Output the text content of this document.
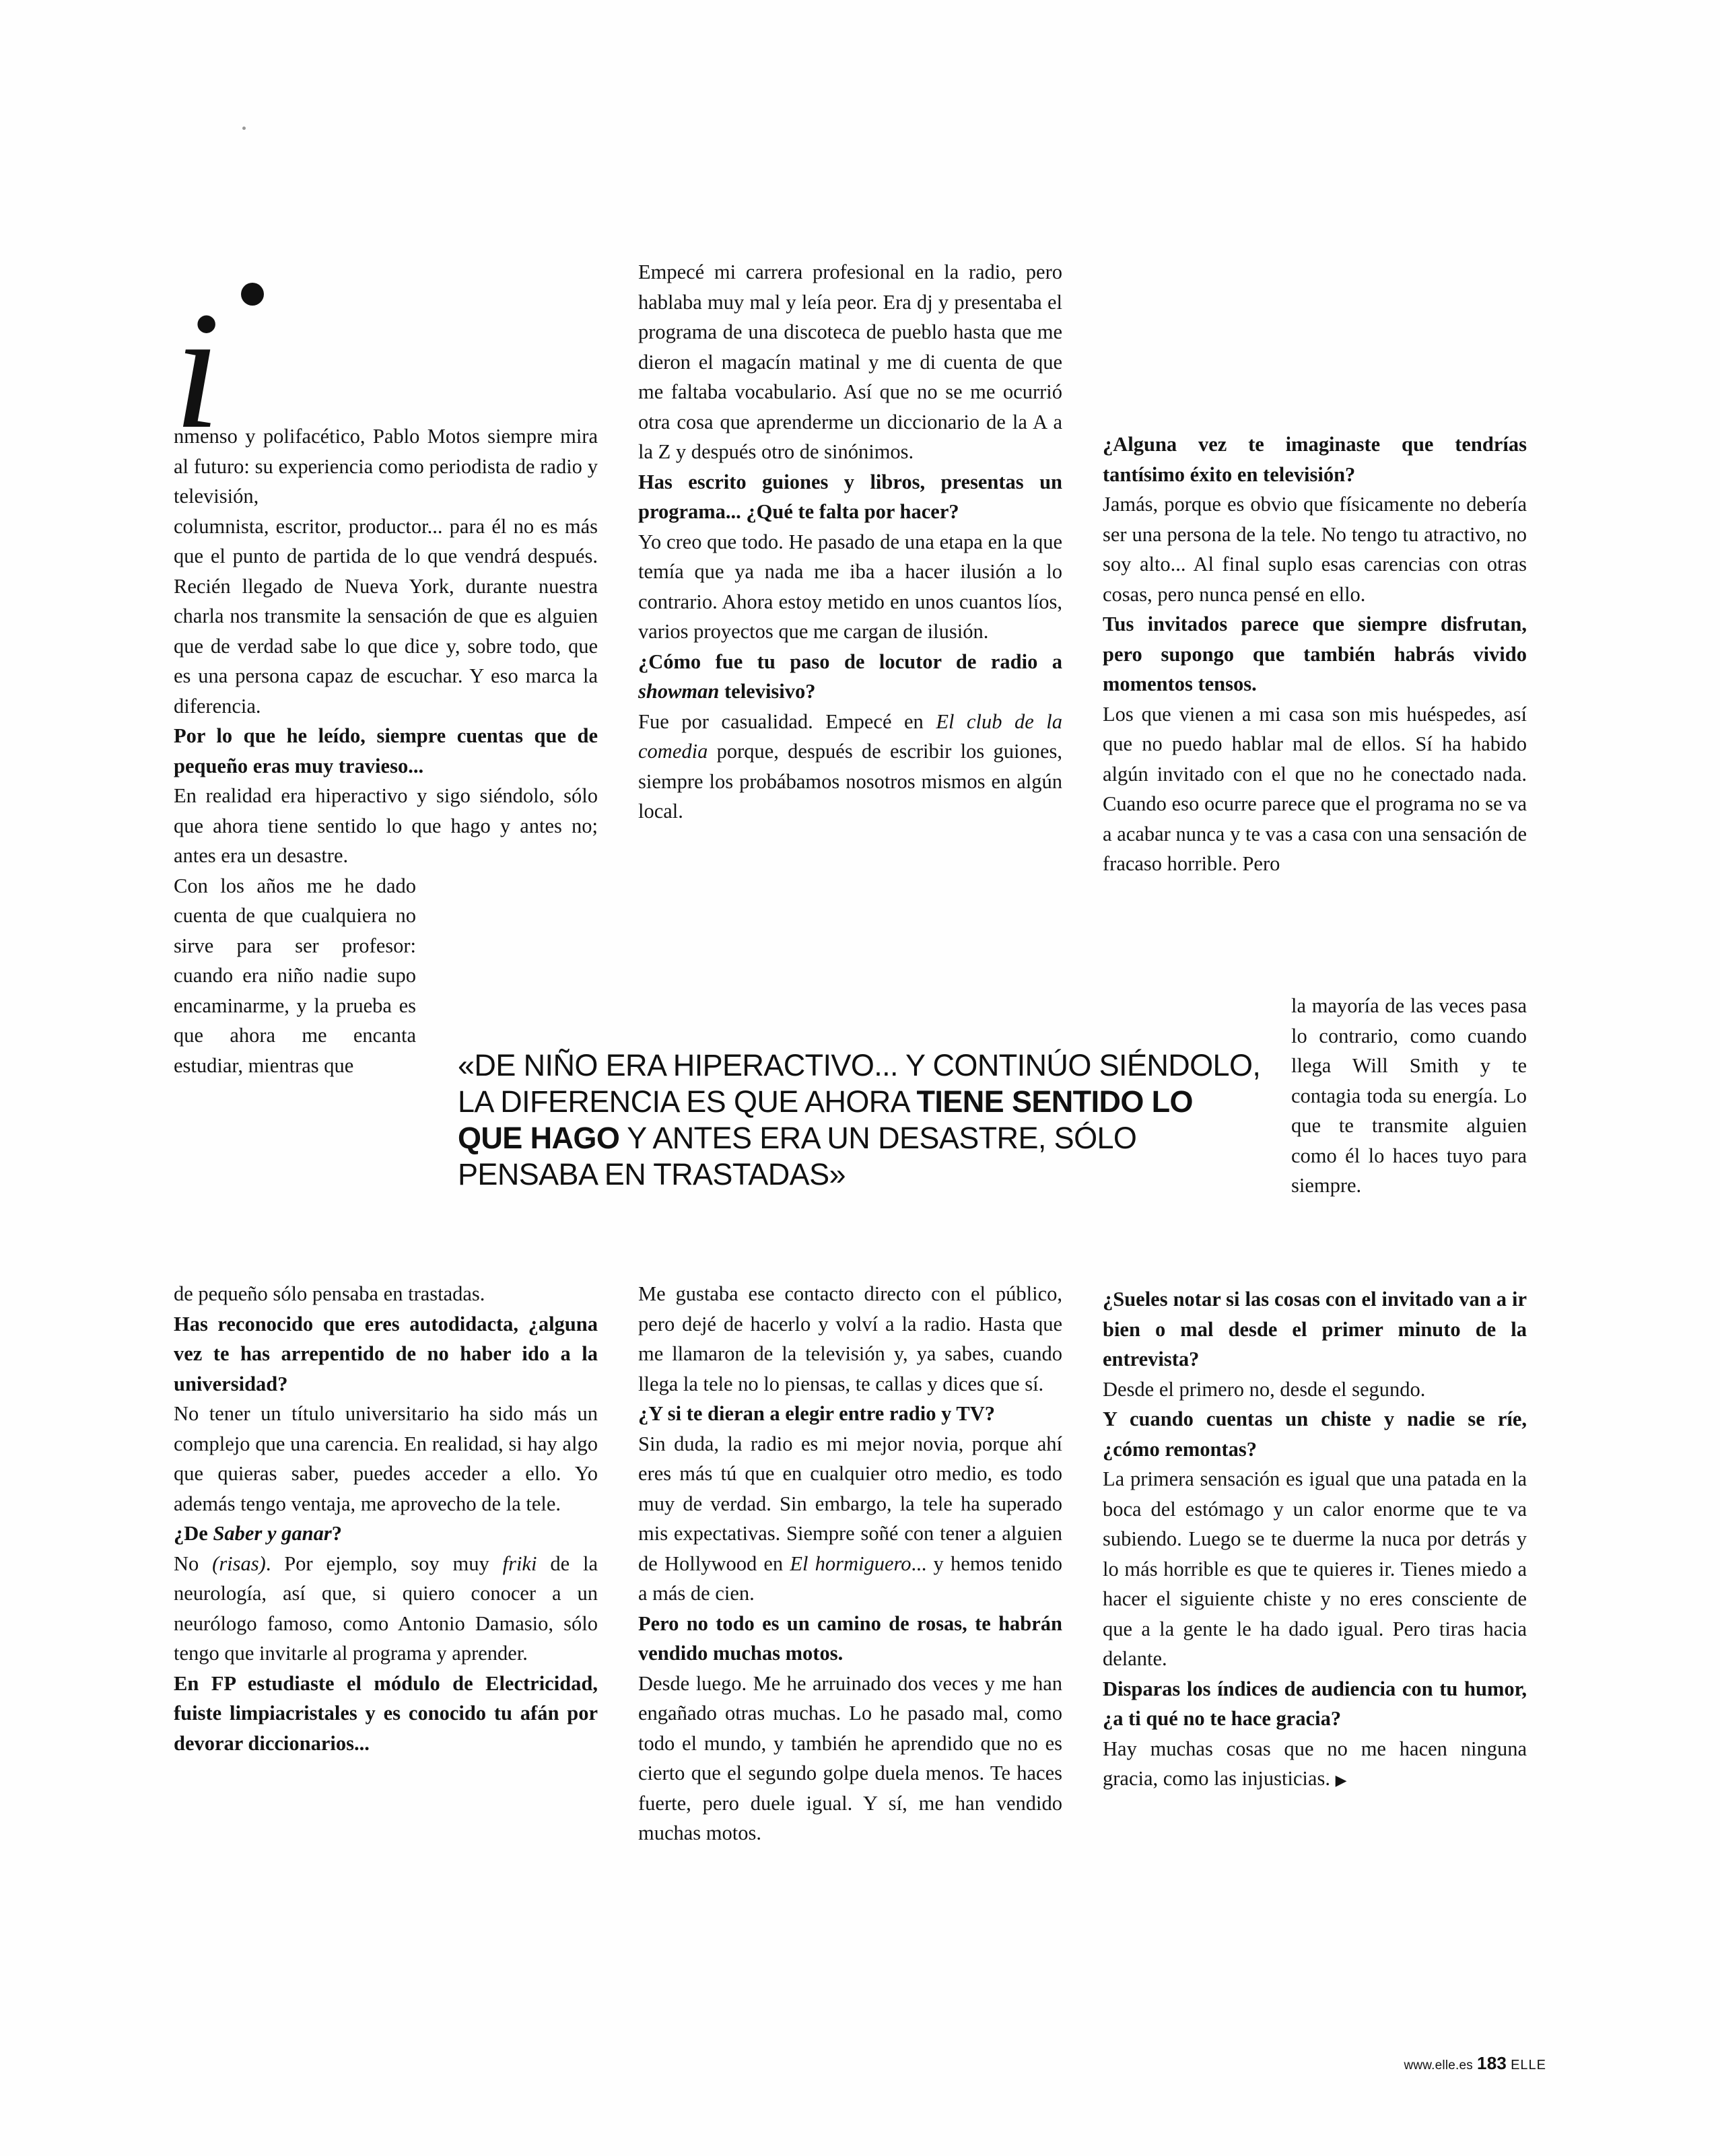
i

nmenso y polifacético, Pablo Motos siempre mira al futuro: su experiencia como periodista de radio y televisión,

columnista, escritor, productor... para él no es más que el punto de partida de lo que vendrá después. Recién llegado de Nueva York, durante nuestra charla nos transmite la sensación de que es alguien que de verdad sabe lo que dice y, sobre todo, que es una persona capaz de escuchar. Y eso marca la diferencia.

Por lo que he leído, siempre cuentas que de pequeño eras muy travieso...

En realidad era hiperactivo y sigo siéndolo, sólo que ahora tiene sentido lo que hago y antes no; antes era un desastre.

Con los años me he dado cuenta de que cualquiera no sirve para ser profesor: cuando era niño nadie supo encaminarme, y la prueba es que ahora me encanta estudiar, mientras que

de pequeño sólo pensaba en trastadas.

Has reconocido que eres autodidacta, ¿alguna vez te has arrepentido de no haber ido a la universidad?

No tener un título universitario ha sido más un complejo que una carencia. En realidad, si hay algo que quieras saber, puedes acceder a ello. Yo además tengo ventaja, me aprovecho de la tele.

¿De Saber y ganar?

No (risas). Por ejemplo, soy muy friki de la neurología, así que, si quiero conocer a un neurólogo famoso, como Antonio Damasio, sólo tengo que invitarle al programa y aprender.

En FP estudiaste el módulo de Electricidad, fuiste limpiacristales y es conocido tu afán por devorar diccionarios...

Empecé mi carrera profesional en la radio, pero hablaba muy mal y leía peor. Era dj y presentaba el programa de una discoteca de pueblo hasta que me dieron el magacín matinal y me di cuenta de que me faltaba vocabulario. Así que no se me ocurrió otra cosa que aprenderme un diccionario de la A a la Z y después otro de sinónimos.

Has escrito guiones y libros, presentas un programa... ¿Qué te falta por hacer?

Yo creo que todo. He pasado de una etapa en la que temía que ya nada me iba a hacer ilusión a lo contrario. Ahora estoy metido en unos cuantos líos, varios proyectos que me cargan de ilusión.

¿Cómo fue tu paso de locutor de radio a showman televisivo?

Fue por casualidad. Empecé en El club de la comedia porque, después de escribir los guiones, siempre los probábamos nosotros mismos en algún local.

Me gustaba ese contacto directo con el público, pero dejé de hacerlo y volví a la radio. Hasta que me llamaron de la televisión y, ya sabes, cuando llega la tele no lo piensas, te callas y dices que sí.

¿Y si te dieran a elegir entre radio y TV?

Sin duda, la radio es mi mejor novia, porque ahí eres más tú que en cualquier otro medio, es todo muy de verdad. Sin embargo, la tele ha superado mis expectativas. Siempre soñé con tener a alguien de Hollywood en El hormiguero... y hemos tenido a más de cien.

Pero no todo es un camino de rosas, te habrán vendido muchas motos.

Desde luego. Me he arruinado dos veces y me han engañado otras muchas. Lo he pasado mal, como todo el mundo, y también he aprendido que no es cierto que el segundo golpe duela menos. Te haces fuerte, pero duele igual. Y sí, me han vendido muchas motos.

¿Alguna vez te imaginaste que tendrías tantísimo éxito en televisión?

Jamás, porque es obvio que físicamente no debería ser una persona de la tele. No tengo tu atractivo, no soy alto... Al final suplo esas carencias con otras cosas, pero nunca pensé en ello.

Tus invitados parece que siempre disfrutan, pero supongo que también habrás vivido momentos tensos.

Los que vienen a mi casa son mis huéspedes, así que no puedo hablar mal de ellos. Sí ha habido algún invitado con el que no he conectado nada. Cuando eso ocurre parece que el programa no se va a acabar nunca y te vas a casa con una sensación de fracaso horrible. Pero

la mayoría de las veces pasa lo contrario, como cuando llega Will Smith y te contagia toda su energía. Lo que te transmite alguien como él lo haces tuyo para siempre.

¿Sueles notar si las cosas con el invitado van a ir bien o mal desde el primer minuto de la entrevista?

Desde el primero no, desde el segundo.

Y cuando cuentas un chiste y nadie se ríe, ¿cómo remontas?

La primera sensación es igual que una patada en la boca del estómago y un calor enorme que te va subiendo. Luego se te duerme la nuca por detrás y lo más horrible es que te quieres ir. Tienes miedo a hacer el siguiente chiste y no eres consciente de que a la gente le ha dado igual. Pero tiras hacia delante.

Disparas los índices de audiencia con tu humor, ¿a ti qué no te hace gracia?

Hay muchas cosas que no me hacen ninguna gracia, como las injusticias. ▶

«DE NIÑO ERA HIPERACTIVO... Y CONTINÚO SIÉNDOLO, LA DIFERENCIA ES QUE AHORA TIENE SENTIDO LO QUE HAGO Y ANTES ERA UN DESASTRE, SÓLO PENSABA EN TRASTADAS»
www.elle.es 183 ELLE
